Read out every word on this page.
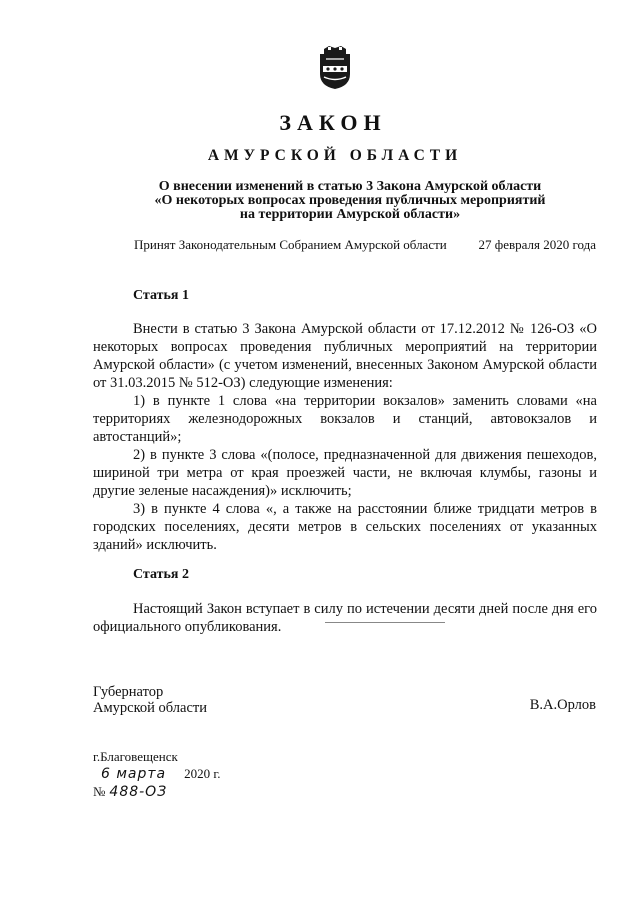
ЗАКОН
АМУРСКОЙ ОБЛАСТИ
О внесении изменений в статью 3 Закона Амурской области
«О некоторых вопросах проведения публичных мероприятий
на территории Амурской области»
Принят Законодательным Собранием Амурской области 27 февраля 2020 года
Статья 1

Внести в статью 3 Закона Амурской области от 17.12.2012 № 126-ОЗ «О некоторых вопросах проведения публичных мероприятий на территории Амурской области» (с учетом изменений, внесенных Законом Амурской области от 31.03.2015 № 512-ОЗ) следующие изменения:

1) в пункте 1 слова «на территории вокзалов» заменить словами «на территориях железнодорожных вокзалов и станций, автовокзалов и автостанций»;

2) в пункте 3 слова «(полосе, предназначенной для движения пешеходов, шириной три метра от края проезжей части, не включая клумбы, газоны и другие зеленые насаждения)» исключить;

3) в пункте 4 слова «, а также на расстоянии ближе тридцати метров в городских поселениях, десяти метров в сельских поселениях от указанных зданий» исключить.

Статья 2

Настоящий Закон вступает в силу по истечении десяти дней после дня его официального опубликования.

Губернатор
Амурской области	В.А.Орлов
г.Благовещенск
6 марта 2020 г.
№ 488-ОЗ
